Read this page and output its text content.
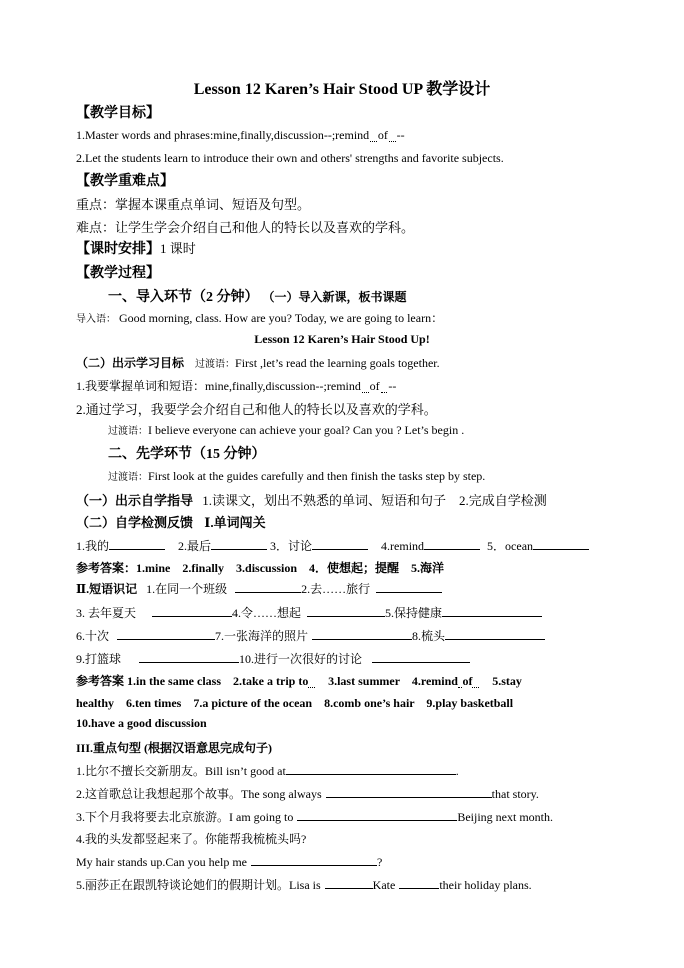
Lesson 12 Karen’s Hair Stood UP 教学设计
【教学目标】
1.Master words and phrases:mine,finally,discussion--;remind of --
2.Let the students learn to introduce their own and others' strengths and favorite subjects.
【教学重难点】
重点：掌握本课重点单词、短语及句型。
难点：让学生学会介绍自己和他人的特长以及喜欢的学科。
【课时安排】1 课时
【教学过程】
一、导入环节（2 分钟） （一）导入新课，板书课题
导入语： Good morning, class. How are you? Today, we are going to learn：
Lesson 12 Karen’s Hair Stood Up!
（二）出示学习目标 过渡语：First ,let’s read the learning goals together.
1.我要掌握单词和短语：mine,finally,discussion--;remind of --
2.通过学习，我要学会介绍自己和他人的特长以及喜欢的学科。
过渡语：I believe everyone can achieve your goal? Can you ? Let’s begin .
二、先学环节（15 分钟）
过渡语：First look at the guides carefully and then finish the tasks step by step.
（一）出示自学指导 1.读课文，划出不熟悉的单词、短语和句子　2.完成自学检测
（二）自学检测反馈 Ⅰ.单词闯关
1.我的	2.最后	3．讨论	4.remind	5．ocean
参考答案：1.mine　2.finally　3.discussion　4．使想起；提醒　5.海洋
Ⅱ.短语识记 1.在同一个班级	2.去……旅行
3. 去年夏天	4.令……想起	5.保持健康
6.十次	7.一张海洋的照片	8.梳头
9.打篮球	10.进行一次很好的讨论
参考答案 1.in the same class　2.take a trip to 3.last summer　4.remind of 5.stay
healthy　6.ten times　7.a picture of the ocean　8.comb one’s hair　9.play basketball
10.have a good discussion
III.重点句型 (根据汉语意思完成句子)
1.比尔不擅长交新朋友。Bill isn’t good at	.
2.这首歌总让我想起那个故事。The song always	that story.
3.下个月我将要去北京旅游。I am going to	Beijing next month.
4.我的头发都竖起来了。你能帮我梳梳头吗?
My hair stands up.Can you help me	?
5.丽莎正在跟凯特谈论她们的假期计划。Lisa is	Kate	their holiday plans.
